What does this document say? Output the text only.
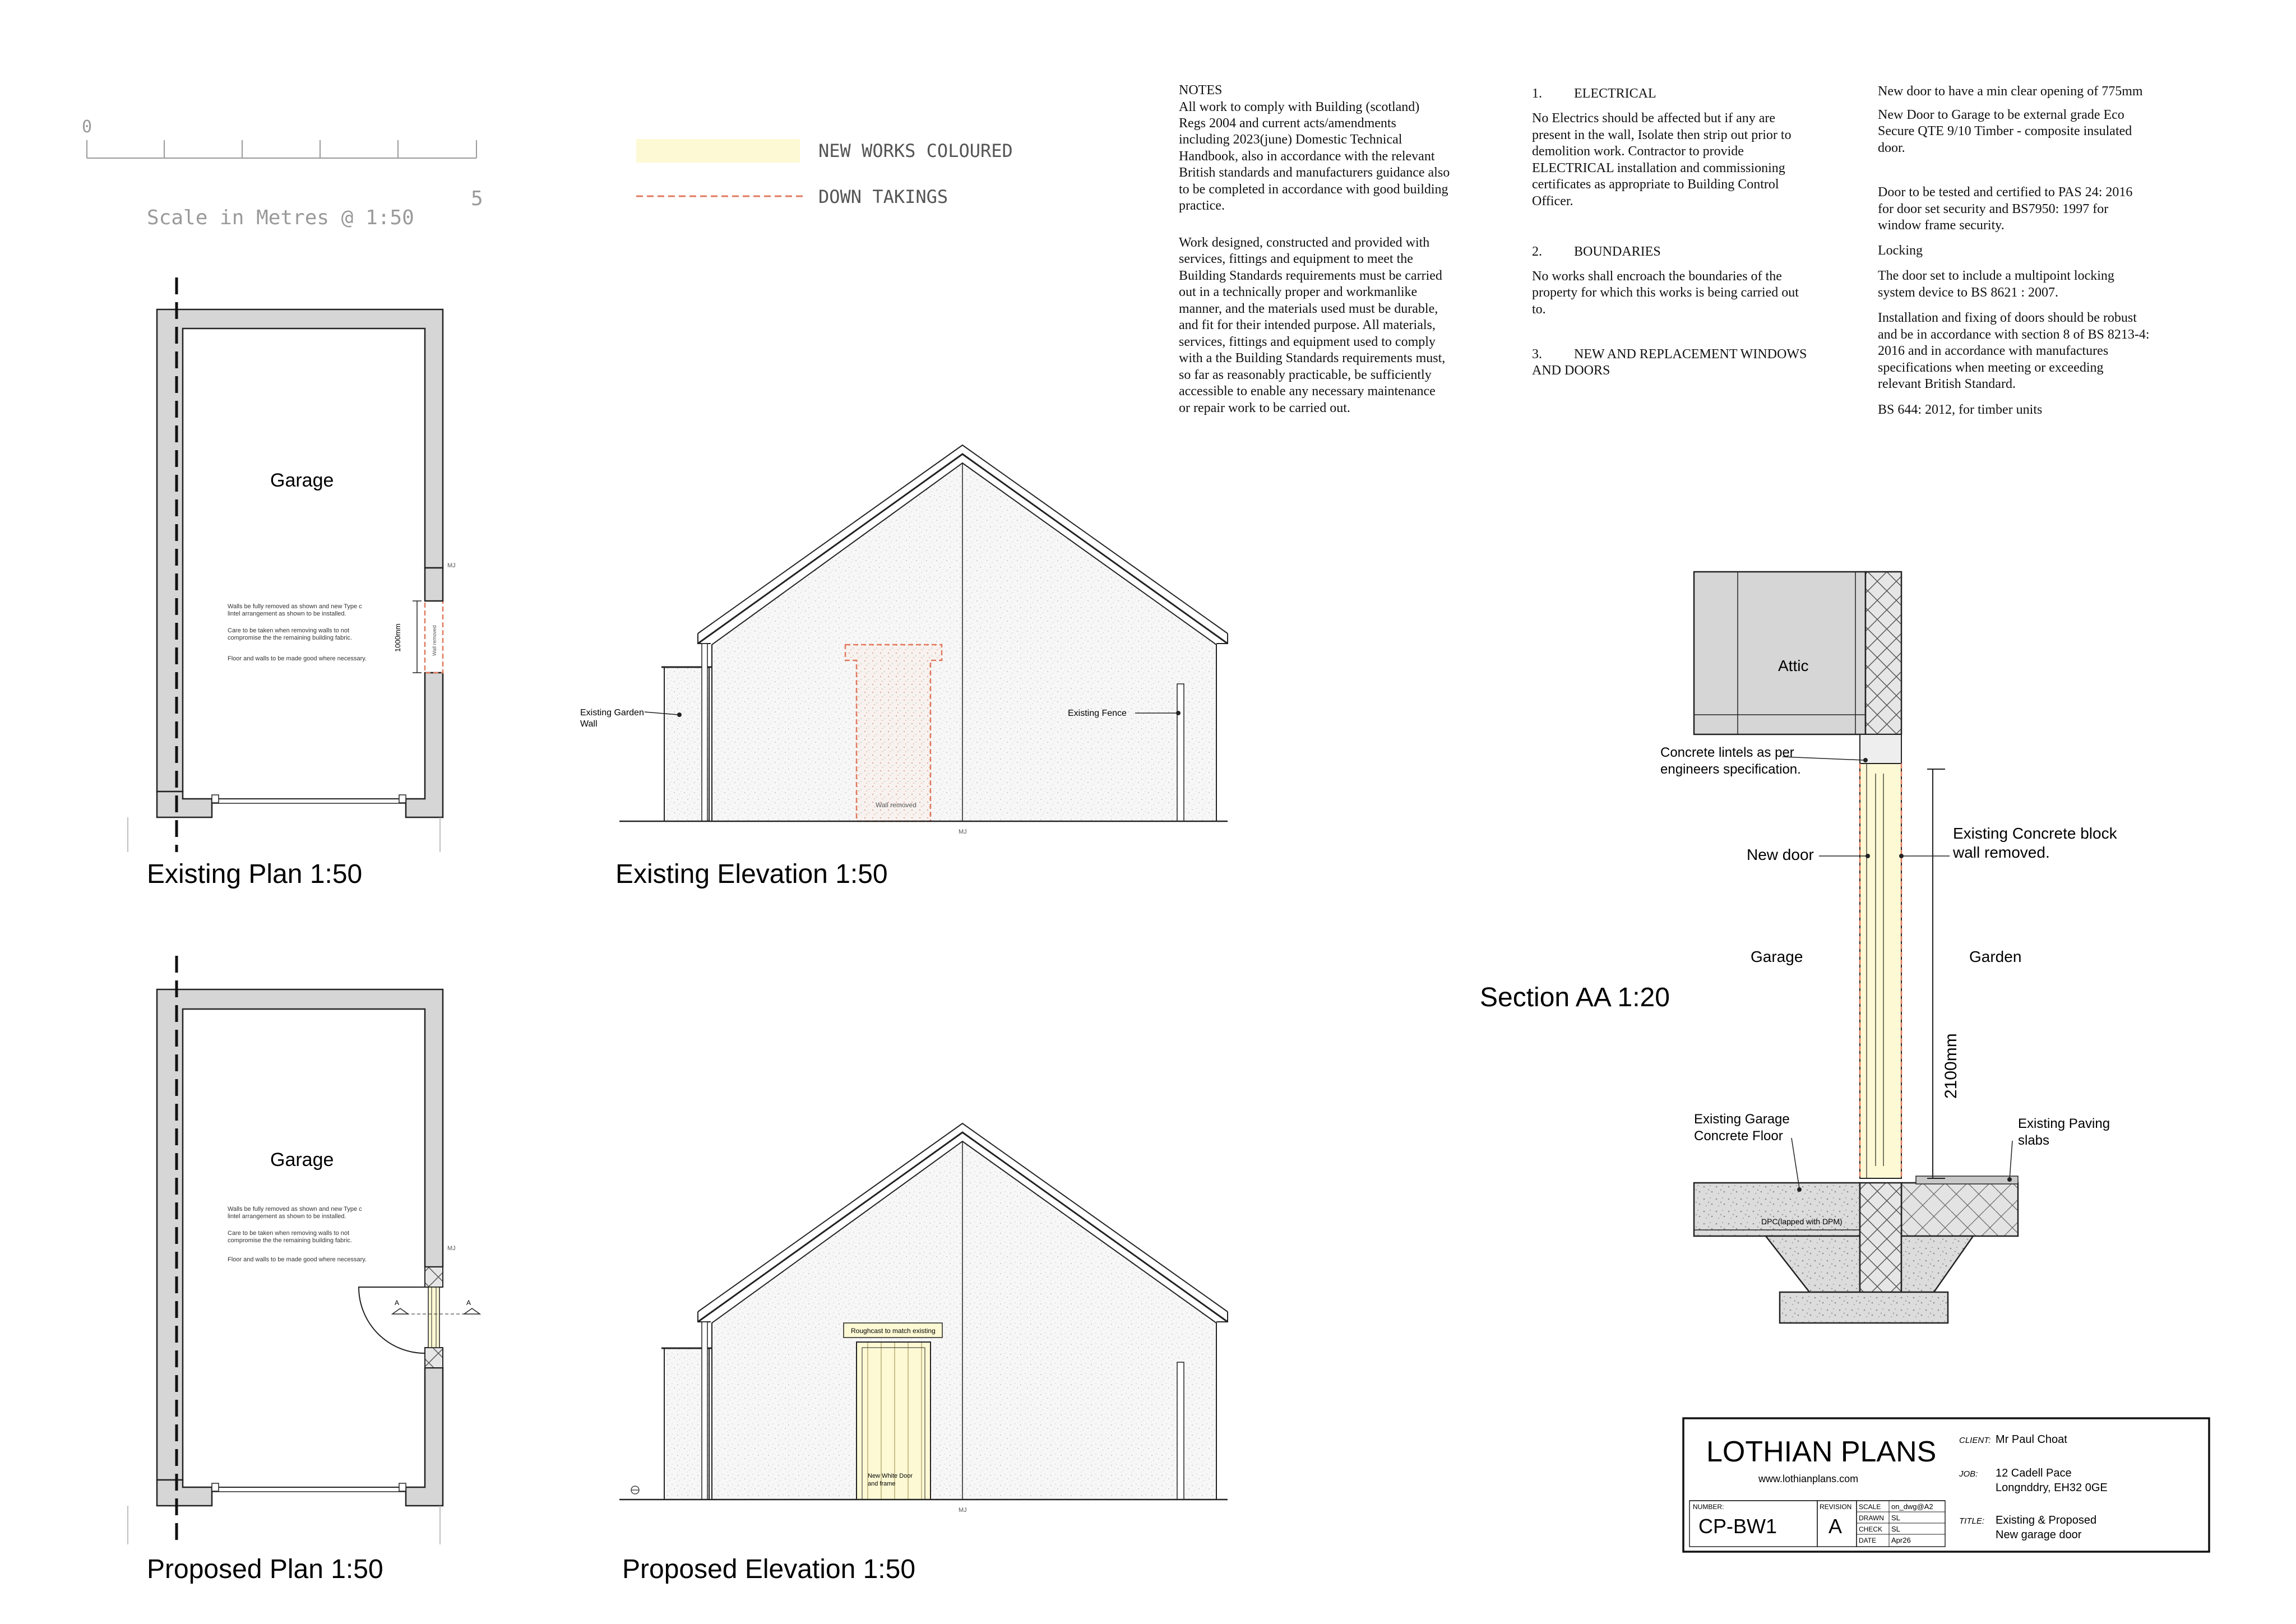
0
5
Scale in Metres @ 1:50
NEW WORKS COLOURED
DOWN TAKINGS
NOTES
All work to comply with Building (scotland)
Regs 2004 and current acts/amendments
including 2023(june) Domestic Technical
Handbook, also in accordance with the relevant
British standards and manufacturers guidance also
to be completed in accordance with good building
practice.
Work designed, constructed and provided with
services, fittings and equipment to meet the
Building Standards requirements must be carried
out in a technically proper and workmanlike
manner, and the materials used must be durable,
and fit for their intended purpose. All materials,
services, fittings and equipment used to comply
with a the Building Standards requirements must,
so far as reasonably practicable, be sufficiently
accessible to enable any necessary maintenance
or repair work to be carried out.
1. ELECTRICAL
No Electrics should be affected but if any are
present in the wall, Isolate then strip out prior to
demolition work. Contractor to provide
ELECTRICAL installation and commissioning
certificates as appropriate to Building Control
Officer.
2. BOUNDARIES
No works shall encroach the boundaries of the
property for which this works is being carried out
to.
3. NEW AND REPLACEMENT WINDOWS
AND DOORS
New door to have a min clear opening of 775mm
New Door to Garage to be external grade Eco
Secure QTE 9/10 Timber - composite insulated
door.
Door to be tested and certified to PAS 24: 2016
for door set security and BS7950: 1997 for
window frame security.
Locking
The door set to include a multipoint locking
system device to BS 8621 : 2007.
Installation and fixing of doors should be robust
and be in accordance with section 8 of BS 8213-4:
2016 and in accordance with manufactures
specifications when meeting or exceeding
relevant British Standard.
BS 644: 2012, for timber units
1000mm	Wall removed
MJ
Garage
Walls be fully removed as shown and new Type c
lintel arrangement as shown to be installed.
Care to be taken when removing walls to not
compromise the the remaining building fabric.
Floor and walls to be made good where necessary.
Existing Plan 1:50
A	A
MJ
Garage
Walls be fully removed as shown and new Type c
lintel arrangement as shown to be installed.
Care to be taken when removing walls to not
compromise the the remaining building fabric.
Floor and walls to be made good where necessary.
Proposed Plan 1:50
Wall removed
MJ
Existing Garden
Wall
Existing Fence
Existing Elevation 1:50
Roughcast to match existing
New White Door
and frame
MJ
Proposed Elevation 1:50
Attic
DPC(lapped with DPM)
2100mm
Concrete lintels as per
engineers specification.
New door
Existing Concrete block
wall removed.
Garage	Garden
Existing Garage
Concrete Floor
Existing Paving
slabs
Section AA 1:20
LOTHIAN PLANS
www.lothianplans.com
NUMBER:
CP-BW1
REVISION
A
SCALE on_dwg@A2
DRAWN SL
CHECK SL
DATE Apr26
CLIENT: Mr Paul Choat
JOB: 12 Cadell Pace
Longnddry, EH32 0GE
TITLE: Existing & Proposed
New garage door
